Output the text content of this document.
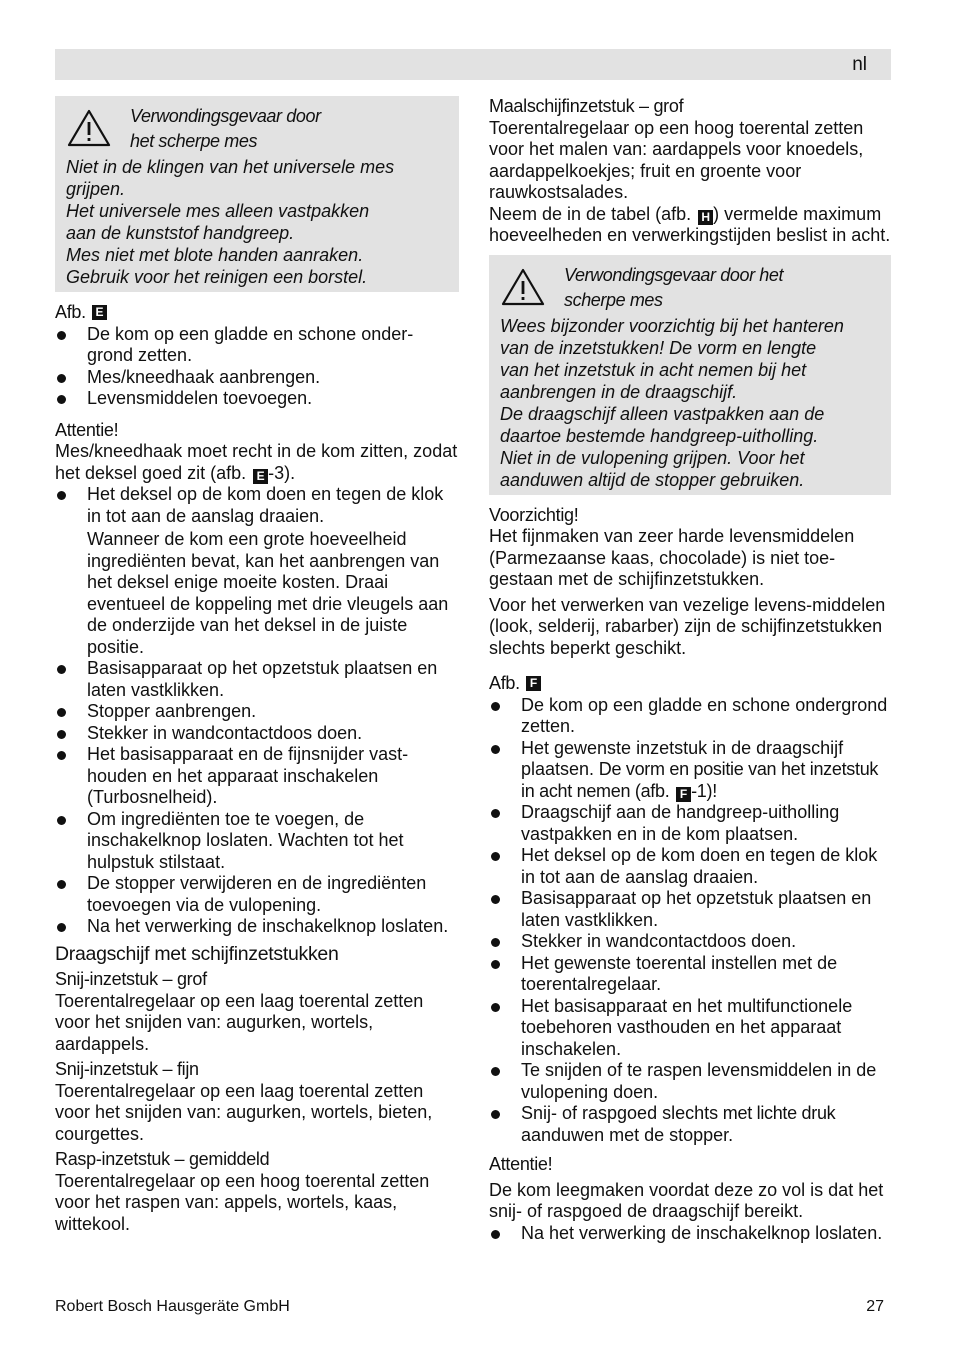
nl
Verwondingsgevaar door
het scherpe mes

Niet in de klingen van het universele mes

grijpen.

Het universele mes alleen vastpakken

aan de kunststof handgreep.

Mes niet met blote handen aanraken.

Gebruik voor het reinigen een borstel.

Afb. E
De kom op een gladde en schone onder-grond zetten.
Mes/kneedhaak aanbrengen.
Levensmiddelen toevoegen.

Attentie!

Mes/kneedhaak moet recht in de kom zitten, zodat het deksel goed zit (afb. E -3).

Het deksel op de kom doen en tegen de klok in tot aan de aanslag draaien.
Wanneer de kom een grote hoeveelheid ingrediënten bevat, kan het aanbrengen van het deksel enige moeite kosten. Draai eventueel de koppeling met drie vleugels aan de onderzijde van het deksel in de juiste positie.
Basisapparaat op het opzetstuk plaatsen en laten vastklikken.
Stopper aanbrengen.
Stekker in wandcontactdoos doen.
Het basisapparaat en de fijnsnijder vast-houden en het apparaat inschakelen (Turbosnelheid).
Om ingrediënten toe te voegen, de inschakelknop loslaten. Wachten tot het hulpstuk stilstaat.
De stopper verwijderen en de ingrediënten toevoegen via de vulopening.
Na het verwerking de inschakelknop loslaten.
Draagschijf met schijfinzetstukken

Snij-inzetstuk – grof

Toerentalregelaar op een laag toerental zetten voor het snijden van: augurken, wortels, aardappels.

Snij-inzetstuk – fijn

Toerentalregelaar op een laag toerental zetten voor het snijden van: augurken, wortels, bieten, courgettes.

Rasp-inzetstuk – gemiddeld

Toerentalregelaar op een hoog toerental zetten voor het raspen van: appels, wortels, kaas, wittekool.

Maalschijfinzetstuk – grof

Toerentalregelaar op een hoog toerental zetten voor het malen van: aardappels voor knoedels, aardappelkoekjes; fruit en groente voor rauwkostsalades.

Neem de in de tabel (afb. H ) vermelde maximum hoeveelheden en verwerkingstijden beslist in acht.

Verwondingsgevaar door het
scherpe mes

Wees bijzonder voorzichtig bij het hanteren

van de inzetstukken! De vorm en lengte

van het inzetstuk in acht nemen bij het

aanbrengen in de draagschijf.

De draagschijf alleen vastpakken aan de

daartoe bestemde handgreep-uitholling.

Niet in de vulopening grijpen. Voor het

aanduwen altijd de stopper gebruiken.

Voorzichtig!

Het fijnmaken van zeer harde levensmiddelen (Parmezaanse kaas, chocolade) is niet toe-gestaan met de schijfinzetstukken.

Voor het verwerken van vezelige levens-middelen (look, selderij, rabarber) zijn de schijfinzetstukken slechts beperkt geschikt.

Afb. F
De kom op een gladde en schone ondergrond zetten.
Het gewenste inzetstuk in de draagschijf plaatsen. De vorm en positie van het inzetstuk in acht nemen (afb. F -1)!
Draagschijf aan de handgreep-uitholling vastpakken en in de kom plaatsen.
Het deksel op de kom doen en tegen de klok in tot aan de aanslag draaien.
Basisapparaat op het opzetstuk plaatsen en laten vastklikken.
Stekker in wandcontactdoos doen.
Het gewenste toerental instellen met de toerentalregelaar.
Het basisapparaat en het multifunctionele toebehoren vasthouden en het apparaat inschakelen.
Te snijden of te raspen levensmiddelen in de vulopening doen.
Snij- of raspgoed slechts met lichte druk aanduwen met de stopper.

Attentie!

De kom leegmaken voordat deze zo vol is dat het snij- of raspgoed de draagschijf bereikt.

Na het verwerking de inschakelknop loslaten.
Robert Bosch Hausgeräte GmbH	27
